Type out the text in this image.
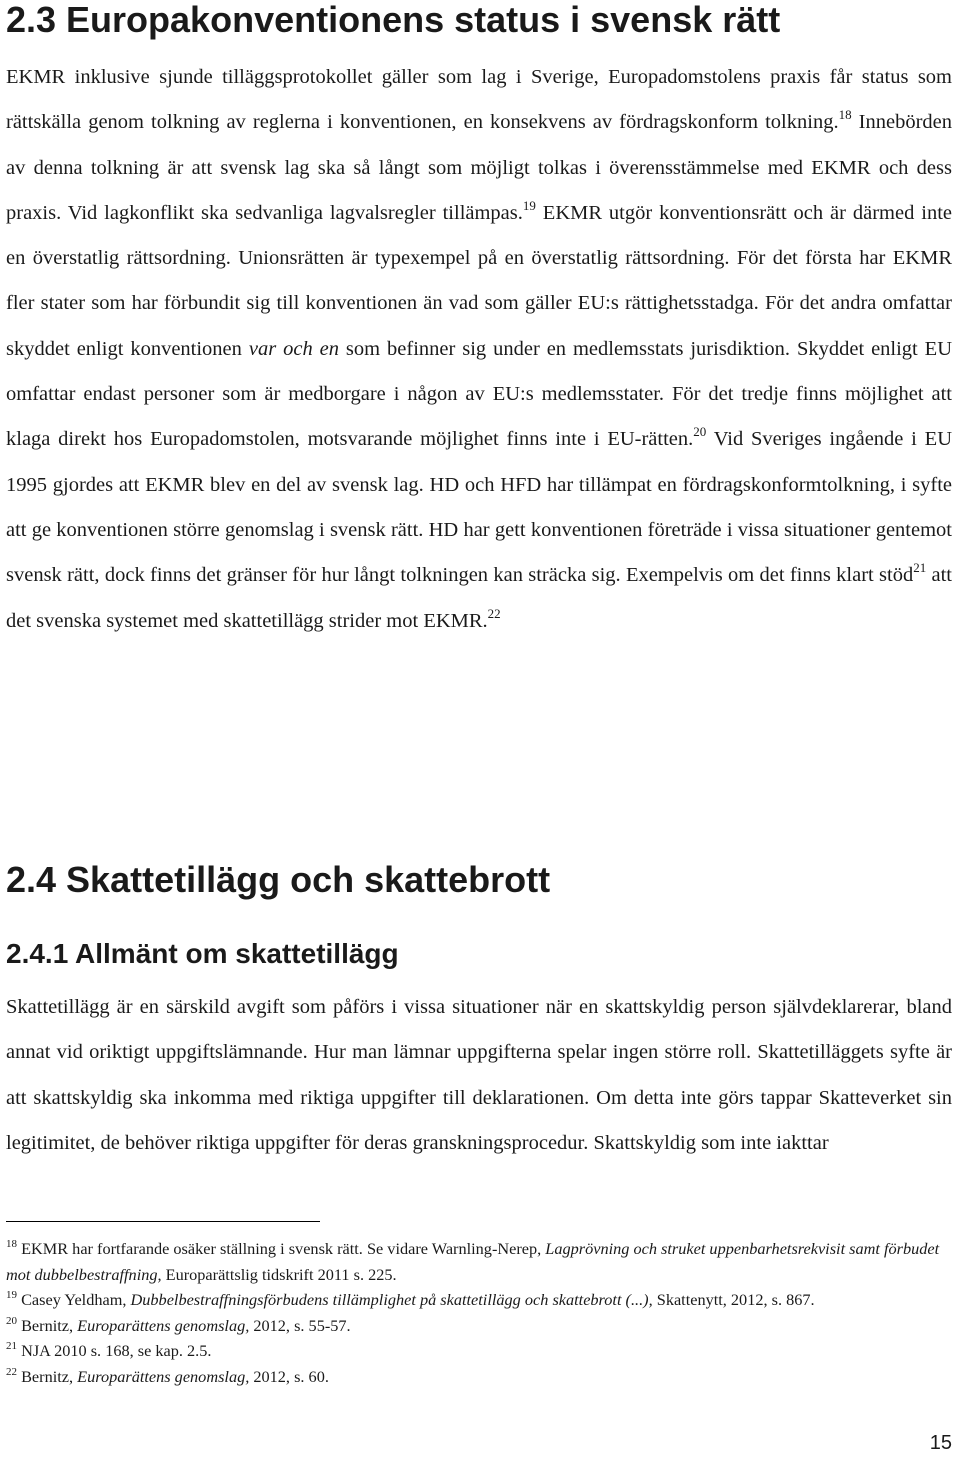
2.3 Europakonventionens status i svensk rätt

EKMR inklusive sjunde tilläggsprotokollet gäller som lag i Sverige, Europadomstolens praxis får status som rättskälla genom tolkning av reglerna i konventionen, en konsekvens av fördragskonform tolkning.$^{18}$ Innebörden av denna tolkning är att svensk lag ska så långt som möjligt tolkas i överensstämmelse med EKMR och dess praxis. Vid lagkonflikt ska sedvanliga lagvalsregler tillämpas.$^{19}$ EKMR utgör konventionsrätt och är därmed inte en överstatlig rättsordning. Unionsrätten är typexempel på en överstatlig rättsordning. För det första har EKMR fler stater som har förbundit sig till konventionen än vad som gäller EU:s rättighetsstadga. För det andra omfattar skyddet enligt konventionen var och en som befinner sig under en medlemsstats jurisdiktion. Skyddet enligt EU omfattar endast personer som är medborgare i någon av EU:s medlemsstater. För det tredje finns möjlighet att klaga direkt hos Europadomstolen, motsvarande möjlighet finns inte i EU-rätten.$^{20}$ Vid Sveriges ingående i EU 1995 gjordes att EKMR blev en del av svensk lag. HD och HFD har tillämpat en fördragskonformtolkning, i syfte att ge konventionen större genomslag i svensk rätt. HD har gett konventionen företräde i vissa situationer gentemot svensk rätt, dock finns det gränser för hur långt tolkningen kan sträcka sig. Exempelvis om det finns klart stöd$^{21}$ att det svenska systemet med skattetillägg strider mot EKMR.$^{22}$

2.4 Skattetillägg och skattebrott
2.4.1 Allmänt om skattetillägg

Skattetillägg är en särskild avgift som påförs i vissa situationer när en skattskyldig person självdeklarerar, bland annat vid oriktigt uppgiftslämnande. Hur man lämnar uppgifterna spelar ingen större roll. Skattetilläggets syfte är att skattskyldig ska inkomma med riktiga uppgifter till deklarationen. Om detta inte görs tappar Skatteverket sin legitimitet, de behöver riktiga uppgifter för deras granskningsprocedur. Skattskyldig som inte iakttar

$^{18}$ EKMR har fortfarande osäker ställning i svensk rätt. Se vidare Warnling-Nerep, Lagprövning och struket uppenbarhetsrekvisit samt förbudet mot dubbelbestraffning, Europarättslig tidskrift 2011 s. 225.

$^{19}$ Casey Yeldham, Dubbelbestraffningsförbudens tillämplighet på skattetillägg och skattebrott (...), Skattenytt, 2012, s. 867.

$^{20}$ Bernitz, Europarättens genomslag, 2012, s. 55-57.

$^{21}$ NJA 2010 s. 168, se kap. 2.5.

$^{22}$ Bernitz, Europarättens genomslag, 2012, s. 60.

15
